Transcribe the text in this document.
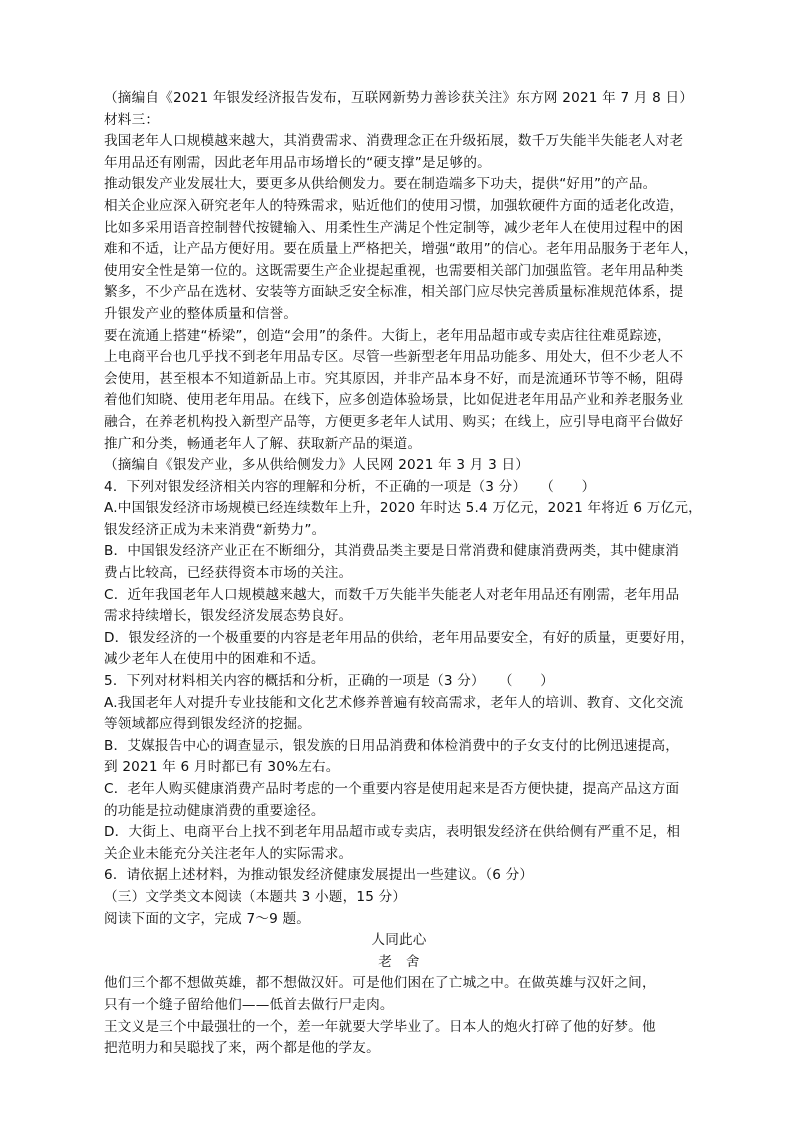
（摘编自《2021 年银发经济报告发布，互联网新势力善诊获关注》东方网 2021 年 7 月 8 日）
材料三：
我国老年人口规模越来越大，其消费需求、消费理念正在升级拓展，数千万失能半失能老人对老
年用品还有刚需，因此老年用品市场增长的“硬支撑”是足够的。
推动银发产业发展壮大，要更多从供给侧发力。要在制造端多下功夫，提供“好用”的产品。
相关企业应深入研究老年人的特殊需求，贴近他们的使用习惯，加强软硬件方面的适老化改造，
比如多采用语音控制替代按键输入、用柔性生产满足个性定制等，减少老年人在使用过程中的困
难和不适，让产品方便好用。要在质量上严格把关，增强“敢用”的信心。老年用品服务于老年人，
使用安全性是第一位的。这既需要生产企业提起重视，也需要相关部门加强监管。老年用品种类
繁多，不少产品在选材、安装等方面缺乏安全标准，相关部门应尽快完善质量标准规范体系，提
升银发产业的整体质量和信誉。
要在流通上搭建“桥梁”，创造“会用”的条件。大街上，老年用品超市或专卖店往往难觅踪迹，
上电商平台也几乎找不到老年用品专区。尽管一些新型老年用品功能多、用处大，但不少老人不
会使用，甚至根本不知道新品上市。究其原因，并非产品本身不好，而是流通环节等不畅，阻碍
着他们知晓、使用老年用品。在线下，应多创造体验场景，比如促进老年用品产业和养老服务业
融合，在养老机构投入新型产品等，方便更多老年人试用、购买；在线上，应引导电商平台做好
推广和分类，畅通老年人了解、获取新产品的渠道。
（摘编自《银发产业，多从供给侧发力》人民网 2021 年 3 月 3 日）
4．下列对银发经济相关内容的理解和分析，不正确的一项是（3 分）　　（　　）
A.中国银发经济市场规模已经连续数年上升，2020 年时达 5.4 万亿元，2021 年将近 6 万亿元，
银发经济正成为未来消费“新势力”。
B．中国银发经济产业正在不断细分，其消费品类主要是日常消费和健康消费两类，其中健康消
费占比较高，已经获得资本市场的关注。
C．近年我国老年人口规模越来越大，而数千万失能半失能老人对老年用品还有刚需，老年用品
需求持续增长，银发经济发展态势良好。
D．银发经济的一个极重要的内容是老年用品的供给，老年用品要安全，有好的质量，更要好用，
减少老年人在使用中的困难和不适。
5．下列对材料相关内容的概括和分析，正确的一项是（3 分）　　（　　）
A.我国老年人对提升专业技能和文化艺术修养普遍有较高需求，老年人的培训、教育、文化交流
等领域都应得到银发经济的挖掘。
B．艾媒报告中心的调查显示，银发族的日用品消费和体检消费中的子女支付的比例迅速提高，
到 2021 年 6 月时都已有 30%左右。
C．老年人购买健康消费产品时考虑的一个重要内容是使用起来是否方便快捷，提高产品这方面
的功能是拉动健康消费的重要途径。
D．大街上、电商平台上找不到老年用品超市或专卖店，表明银发经济在供给侧有严重不足，相
关企业未能充分关注老年人的实际需求。
6．请依据上述材料，为推动银发经济健康发展提出一些建议。（6 分）
（三）文学类文本阅读（本题共 3 小题，15 分）
阅读下面的文字，完成 7～9 题。
人同此心
老　舍
他们三个都不想做英雄，都不想做汉奸。可是他们困在了亡城之中。在做英雄与汉奸之间，
只有一个缝子留给他们——低首去做行尸走肉。
王文义是三个中最强壮的一个，差一年就要大学毕业了。日本人的炮火打碎了他的好梦。他
把范明力和吴聪找了来，两个都是他的学友。
